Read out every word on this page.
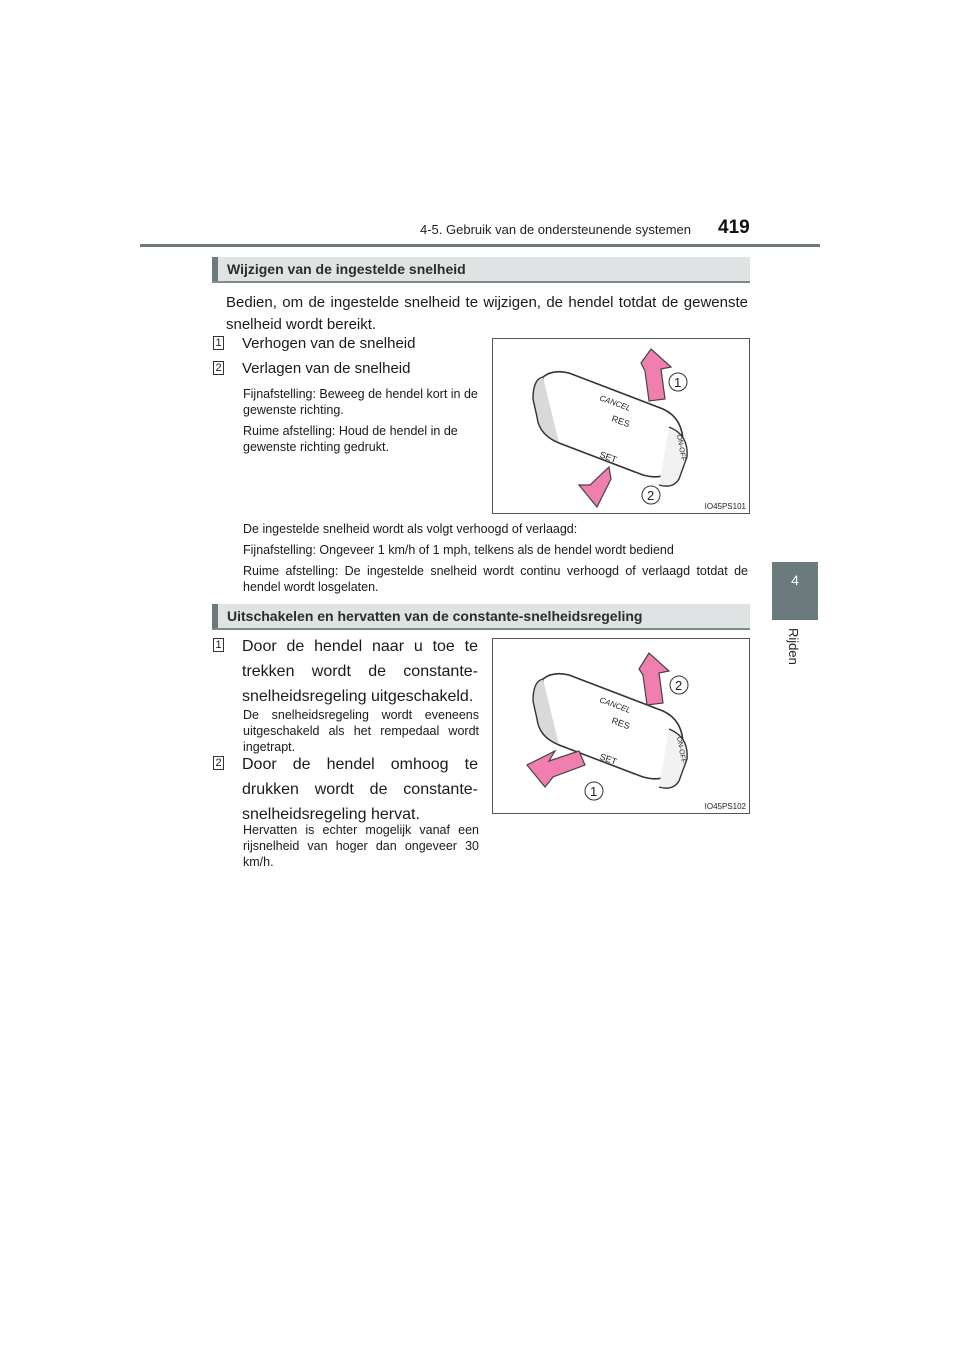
4-5. Gebruik van de ondersteunende systemen 419
4
Rijden
Wijzigen van de ingestelde snelheid
Bedien, om de ingestelde snelheid te wijzigen, de hendel totdat de gewenste snelheid wordt bereikt.
1 Verhogen van de snelheid
2 Verlagen van de snelheid
Fijnafstelling: Beweeg de hendel kort in de gewenste richting.
Ruime afstelling: Houd de hendel in de gewenste richting gedrukt.
CANCEL
RES
SET	ON-OFF
1
2
IO45PS101
De ingestelde snelheid wordt als volgt verhoogd of verlaagd:
Fijnafstelling: Ongeveer 1 km/h of 1 mph, telkens als de hendel wordt bediend
Ruime afstelling: De ingestelde snelheid wordt continu verhoogd of verlaagd totdat de hendel wordt losgelaten.
Uitschakelen en hervatten van de constante-snelheidsregeling
1 Door de hendel naar u toe te trekken wordt de constante-snelheidsregeling uitgeschakeld.
De snelheidsregeling wordt eveneens uitgeschakeld als het rempedaal wordt ingetrapt.
2 Door de hendel omhoog te drukken wordt de constante-snelheidsregeling hervat.
Hervatten is echter mogelijk vanaf een rijsnelheid van hoger dan ongeveer 30 km/h.
CANCEL
RES
SET	ON-OFF
2
1
IO45PS102
